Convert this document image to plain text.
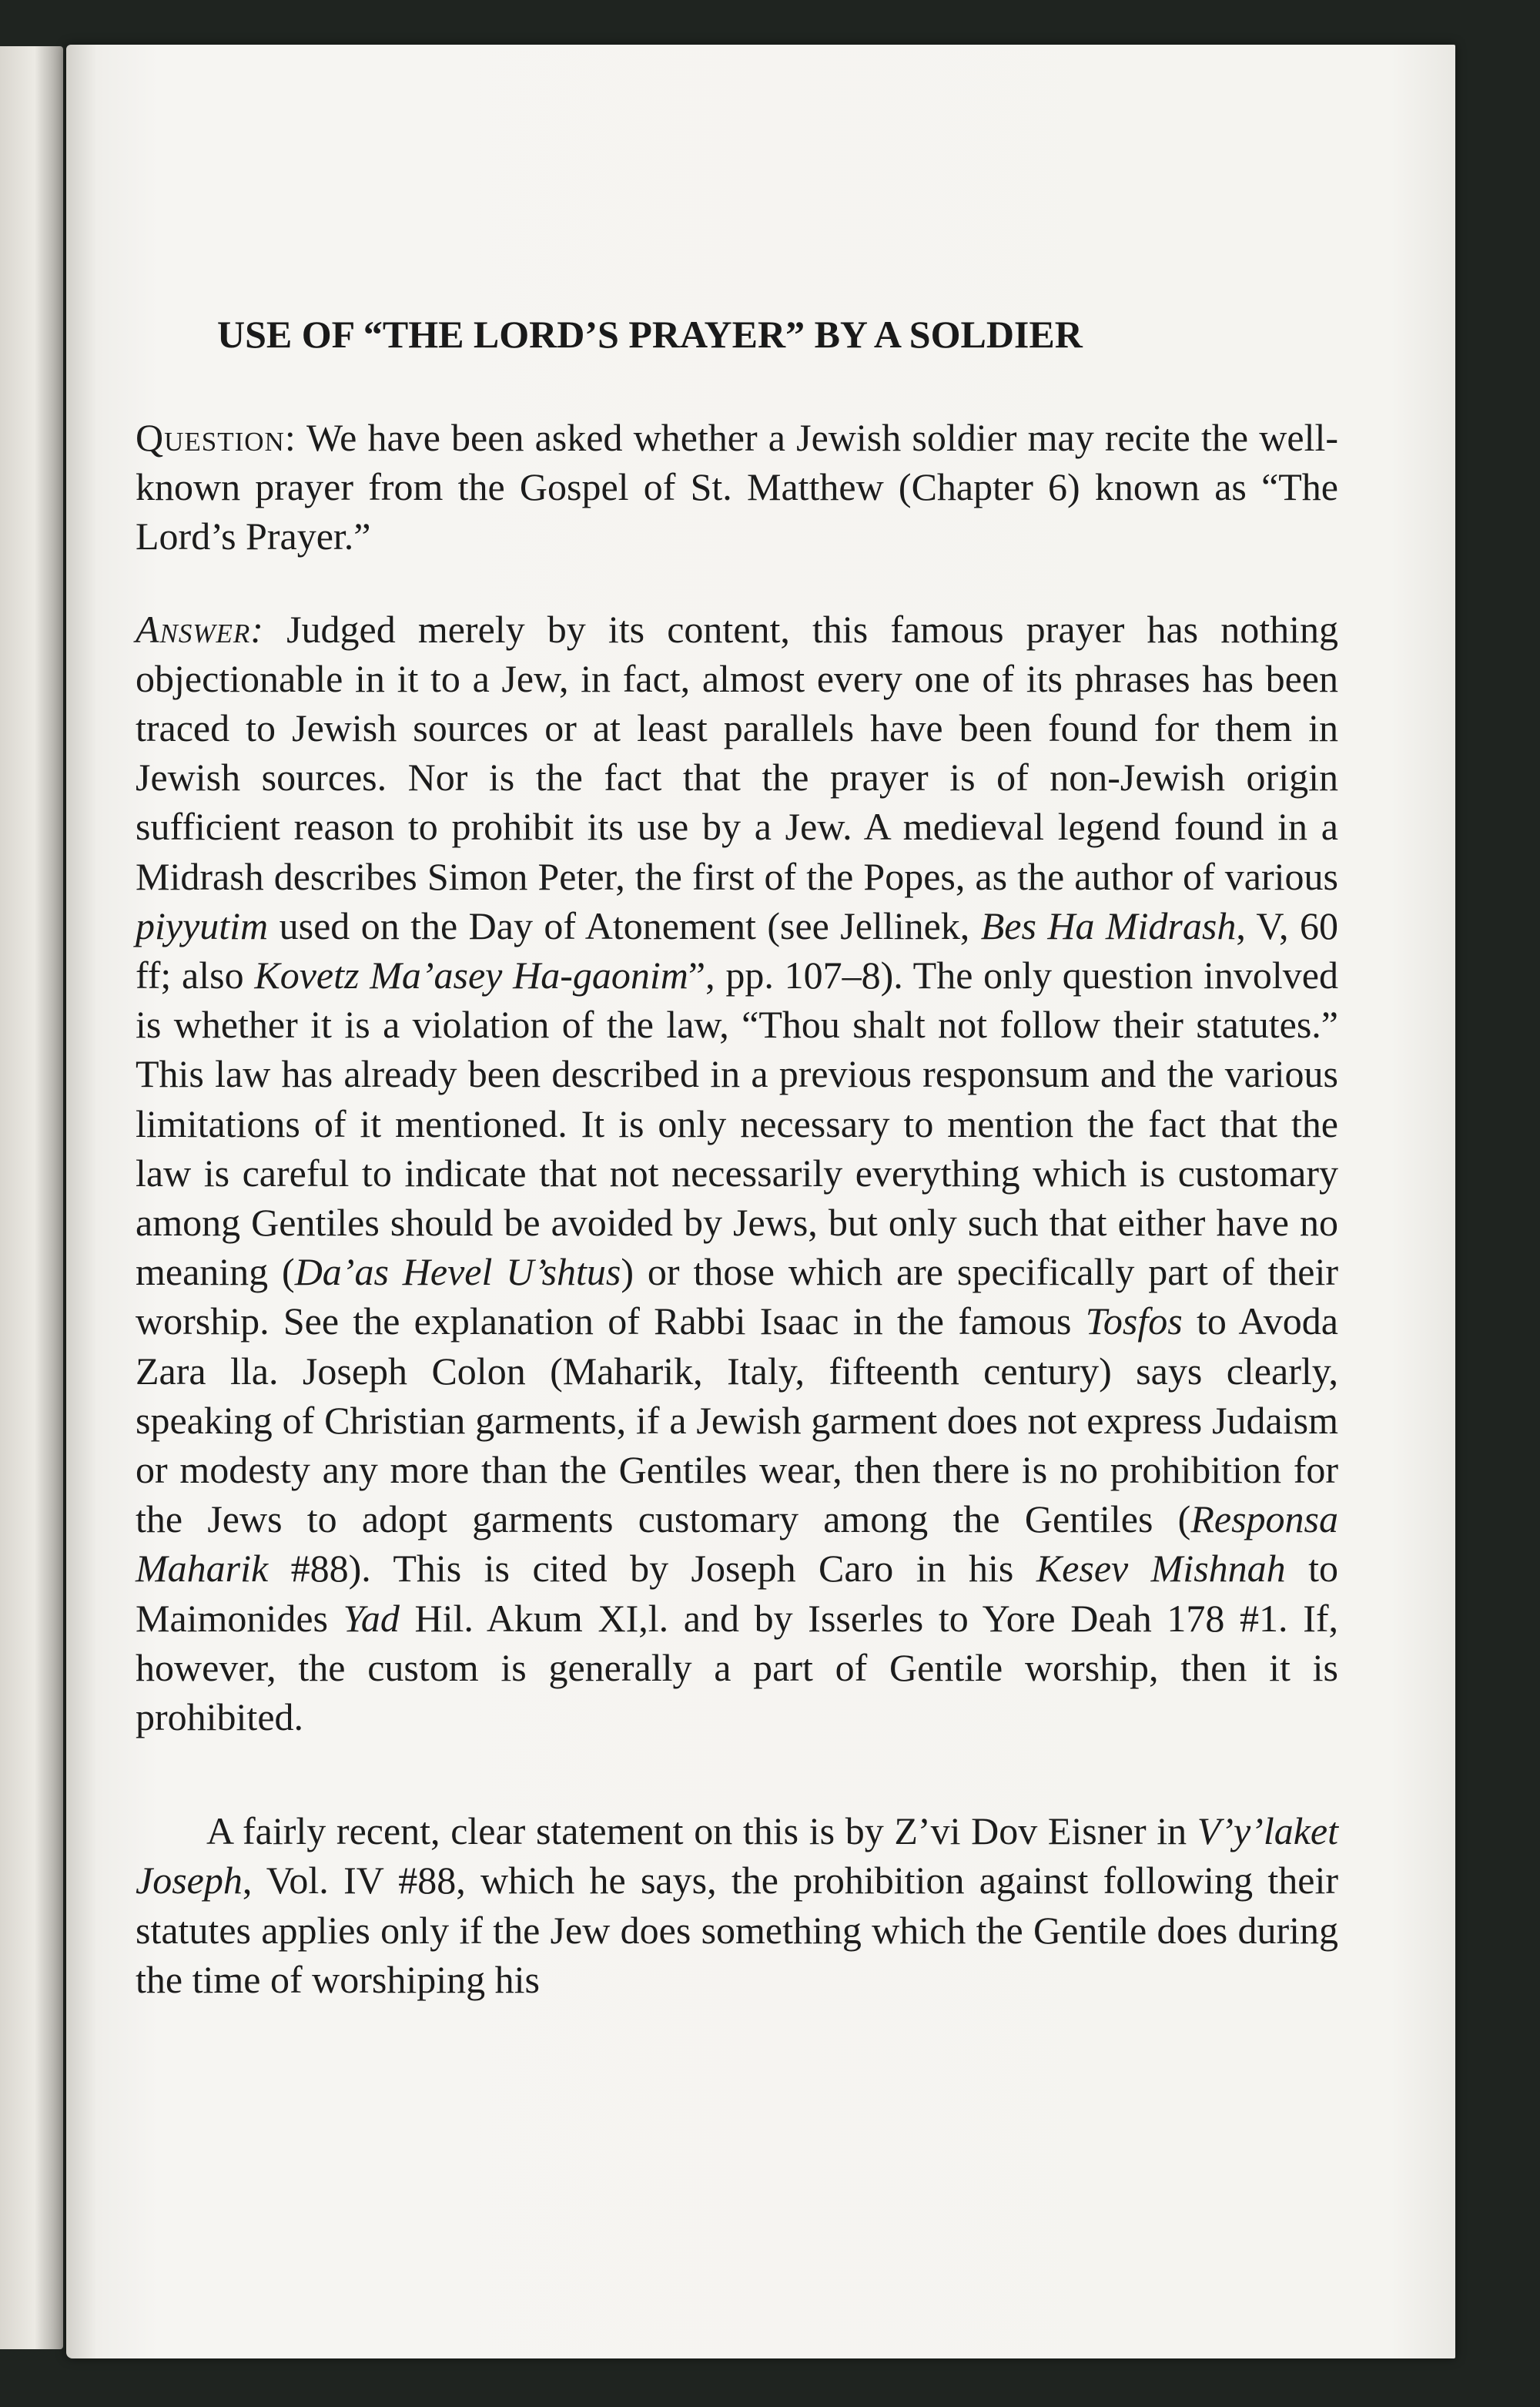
USE OF “THE LORD’S PRAYER” BY A SOLDIER

Question: We have been asked whether a Jewish soldier may recite the well-known prayer from the Gospel of St. Matthew (Chapter 6) known as “The Lord’s Prayer.”

Answer: Judged merely by its content, this famous prayer has nothing objectionable in it to a Jew, in fact, almost every one of its phrases has been traced to Jewish sources or at least parallels have been found for them in Jewish sources. Nor is the fact that the prayer is of non-Jewish origin sufficient reason to prohibit its use by a Jew. A medieval legend found in a Midrash describes Simon Peter, the first of the Popes, as the author of various piyyutim used on the Day of Atonement (see Jellinek, Bes Ha Midrash, V, 60 ff; also Kovetz Ma’asey Ha-gaonim”, pp. 107–8). The only question involved is whether it is a violation of the law, “Thou shalt not follow their statutes.” This law has already been described in a previous responsum and the various limitations of it mentioned. It is only necessary to mention the fact that the law is careful to indicate that not necessarily everything which is customary among Gentiles should be avoided by Jews, but only such that either have no meaning (Da’as Hevel U’shtus) or those which are specifically part of their worship. See the explanation of Rabbi Isaac in the famous Tosfos to Avoda Zara lla. Joseph Colon (Maharik, Italy, fifteenth century) says clearly, speaking of Christian garments, if a Jewish garment does not express Judaism or modesty any more than the Gentiles wear, then there is no prohibition for the Jews to adopt garments customary among the Gentiles (Responsa Maharik #88). This is cited by Joseph Caro in his Kesev Mishnah to Maimonides Yad Hil. Akum XI,l. and by Isserles to Yore Deah 178 #1. If, however, the custom is generally a part of Gentile worship, then it is prohibited.

A fairly recent, clear statement on this is by Z’vi Dov Eisner in V’y’laket Joseph, Vol. IV #88, which he says, the prohibition against following their statutes applies only if the Jew does something which the Gentile does during the time of worshiping his
